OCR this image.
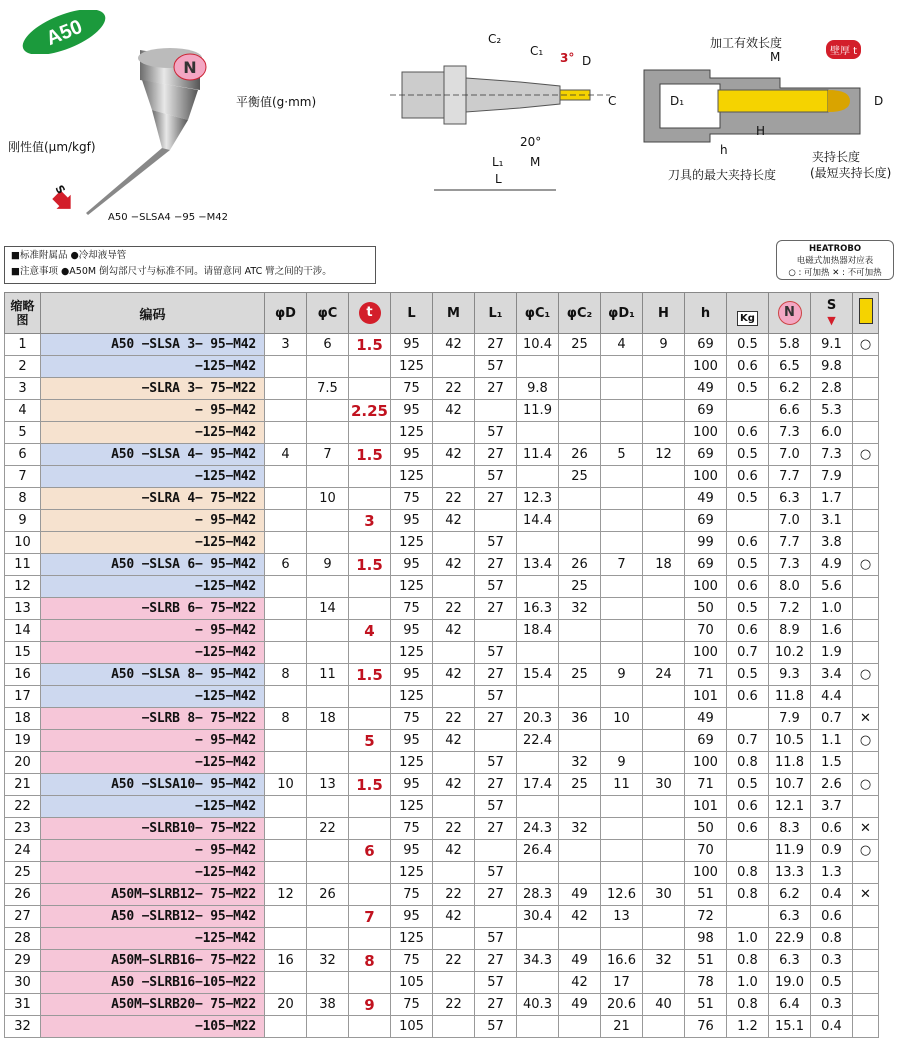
A50
N
平衡值(g·mm)
刚性值(μm/kgf)
S
A50 −SLSA4 −95 −M42
C₂
C₁ 3° D
C
20°
L₁ M
L
加工有效长度
M	壁厚 t
D₁	D
H
h	夹持长度
(最短夹持长度)
刀具的最大夹持长度
■标准附属品 ●冷却液导管
■注意事项 ●A50M 倒勾部尺寸与标准不同。请留意同 ATC 臂之间的干涉。
HEATROBO
电磁式加热器对应表
○ : 可加热 ✕ : 不可加热
缩略图	编码	φD	φC	t	L	M	L₁	φC₁	φC₂	φD₁	H	h	Kg	N	S
▼	
1	A50 −SLSA 3− 95−M42	3	6	1.5	95	42	27	10.4	25	4	9	69	0.5	5.8	9.1	○
2	−125−M42				125		57					100	0.6	6.5	9.8	
3	−SLRA 3− 75−M22		7.5		75	22	27	9.8				49	0.5	6.2	2.8	
4	− 95−M42			2.25	95	42		11.9				69		6.6	5.3	
5	−125−M42				125		57					100	0.6	7.3	6.0	
6	A50 −SLSA 4− 95−M42	4	7	1.5	95	42	27	11.4	26	5	12	69	0.5	7.0	7.3	○
7	−125−M42				125		57		25			100	0.6	7.7	7.9	
8	−SLRA 4− 75−M22		10		75	22	27	12.3				49	0.5	6.3	1.7	
9	− 95−M42			3	95	42		14.4				69		7.0	3.1	
10	−125−M42				125		57					99	0.6	7.7	3.8	
11	A50 −SLSA 6− 95−M42	6	9	1.5	95	42	27	13.4	26	7	18	69	0.5	7.3	4.9	○
12	−125−M42				125		57		25			100	0.6	8.0	5.6	
13	−SLRB 6− 75−M22		14		75	22	27	16.3	32			50	0.5	7.2	1.0	
14	− 95−M42			4	95	42		18.4				70	0.6	8.9	1.6	
15	−125−M42				125		57					100	0.7	10.2	1.9	
16	A50 −SLSA 8− 95−M42	8	11	1.5	95	42	27	15.4	25	9	24	71	0.5	9.3	3.4	○
17	−125−M42				125		57					101	0.6	11.8	4.4	
18	−SLRB 8− 75−M22	8	18		75	22	27	20.3	36	10		49		7.9	0.7	✕
19	− 95−M42			5	95	42		22.4				69	0.7	10.5	1.1	○
20	−125−M42				125		57		32	9		100	0.8	11.8	1.5	
21	A50 −SLSA10− 95−M42	10	13	1.5	95	42	27	17.4	25	11	30	71	0.5	10.7	2.6	○
22	−125−M42				125		57					101	0.6	12.1	3.7	
23	−SLRB10− 75−M22		22		75	22	27	24.3	32			50	0.6	8.3	0.6	✕
24	− 95−M42			6	95	42		26.4				70		11.9	0.9	○
25	−125−M42				125		57					100	0.8	13.3	1.3	
26	A50M−SLRB12− 75−M22	12	26		75	22	27	28.3	49	12.6	30	51	0.8	6.2	0.4	✕
27	A50 −SLRB12− 95−M42			7	95	42		30.4	42	13		72		6.3	0.6	
28	−125−M42				125		57					98	1.0	22.9	0.8	
29	A50M−SLRB16− 75−M22	16	32	8	75	22	27	34.3	49	16.6	32	51	0.8	6.3	0.3	
30	A50 −SLRB16−105−M22				105		57		42	17		78	1.0	19.0	0.5	
31	A50M−SLRB20− 75−M22	20	38	9	75	22	27	40.3	49	20.6	40	51	0.8	6.4	0.3	
32	−105−M22				105		57			21		76	1.2	15.1	0.4	
